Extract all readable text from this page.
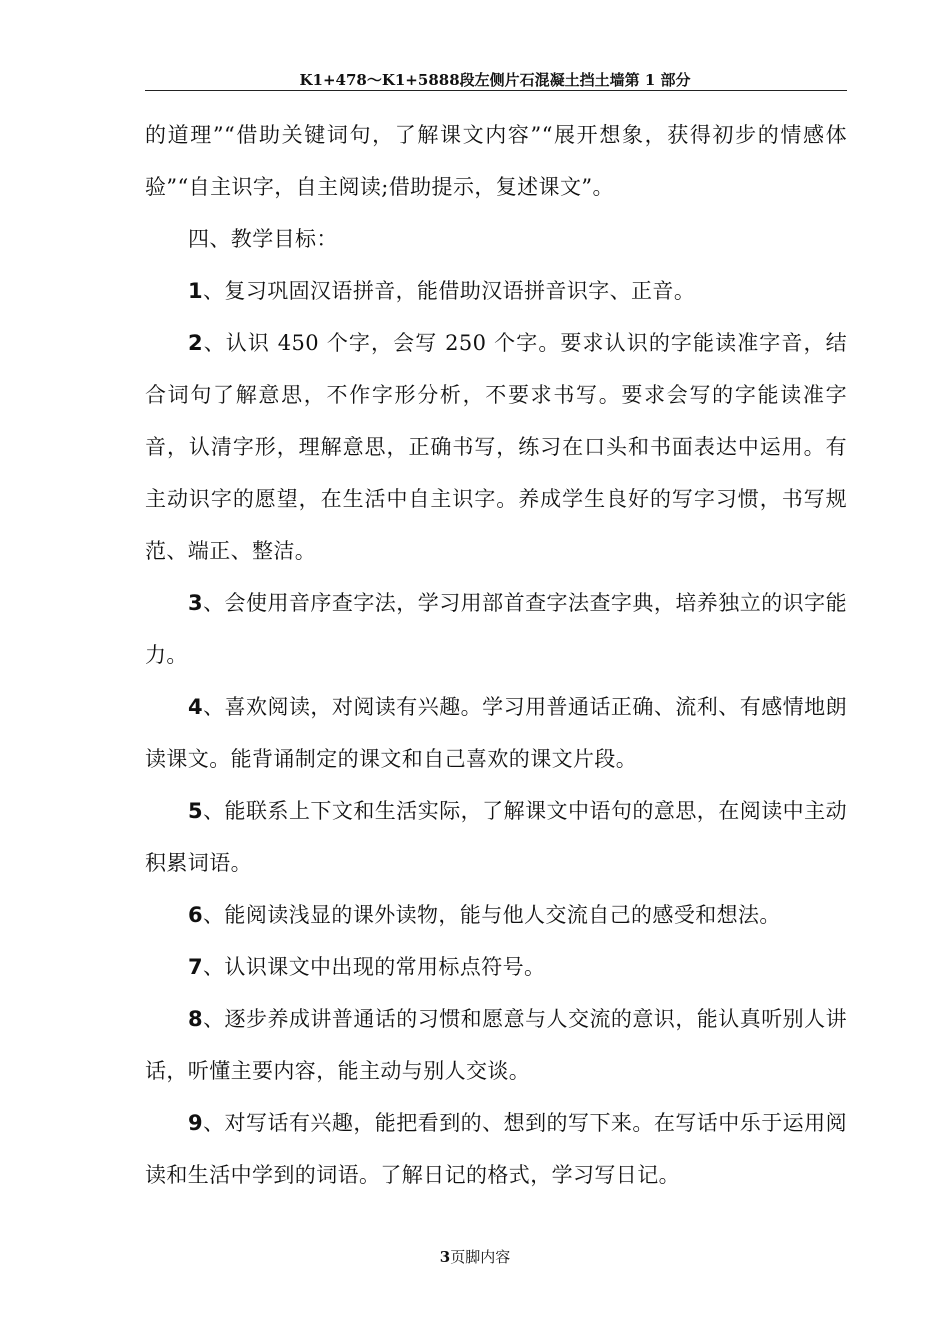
K1+478～K1+5888段左侧片石混凝土挡土墙第 1 部分

的道理”“借助关键词句，了解课文内容”“展开想象，获得初步的情感体验”“自主识字，自主阅读;借助提示，复述课文”。

四、教学目标：

1、复习巩固汉语拼音，能借助汉语拼音识字、正音。

2、认识 450 个字，会写 250 个字。要求认识的字能读准字音，结合词句了解意思，不作字形分析，不要求书写。要求会写的字能读准字音，认清字形，理解意思，正确书写，练习在口头和书面表达中运用。有主动识字的愿望，在生活中自主识字。养成学生良好的写字习惯，书写规范、端正、整洁。

3、会使用音序查字法，学习用部首查字法查字典，培养独立的识字能力。

4、喜欢阅读，对阅读有兴趣。学习用普通话正确、流利、有感情地朗读课文。能背诵制定的课文和自己喜欢的课文片段。

5、能联系上下文和生活实际，了解课文中语句的意思，在阅读中主动积累词语。

6、能阅读浅显的课外读物，能与他人交流自己的感受和想法。

7、认识课文中出现的常用标点符号。

8、逐步养成讲普通话的习惯和愿意与人交流的意识，能认真听别人讲话，听懂主要内容，能主动与别人交谈。

9、对写话有兴趣，能把看到的、想到的写下来。在写话中乐于运用阅读和生活中学到的词语。了解日记的格式，学习写日记。

3页脚内容
